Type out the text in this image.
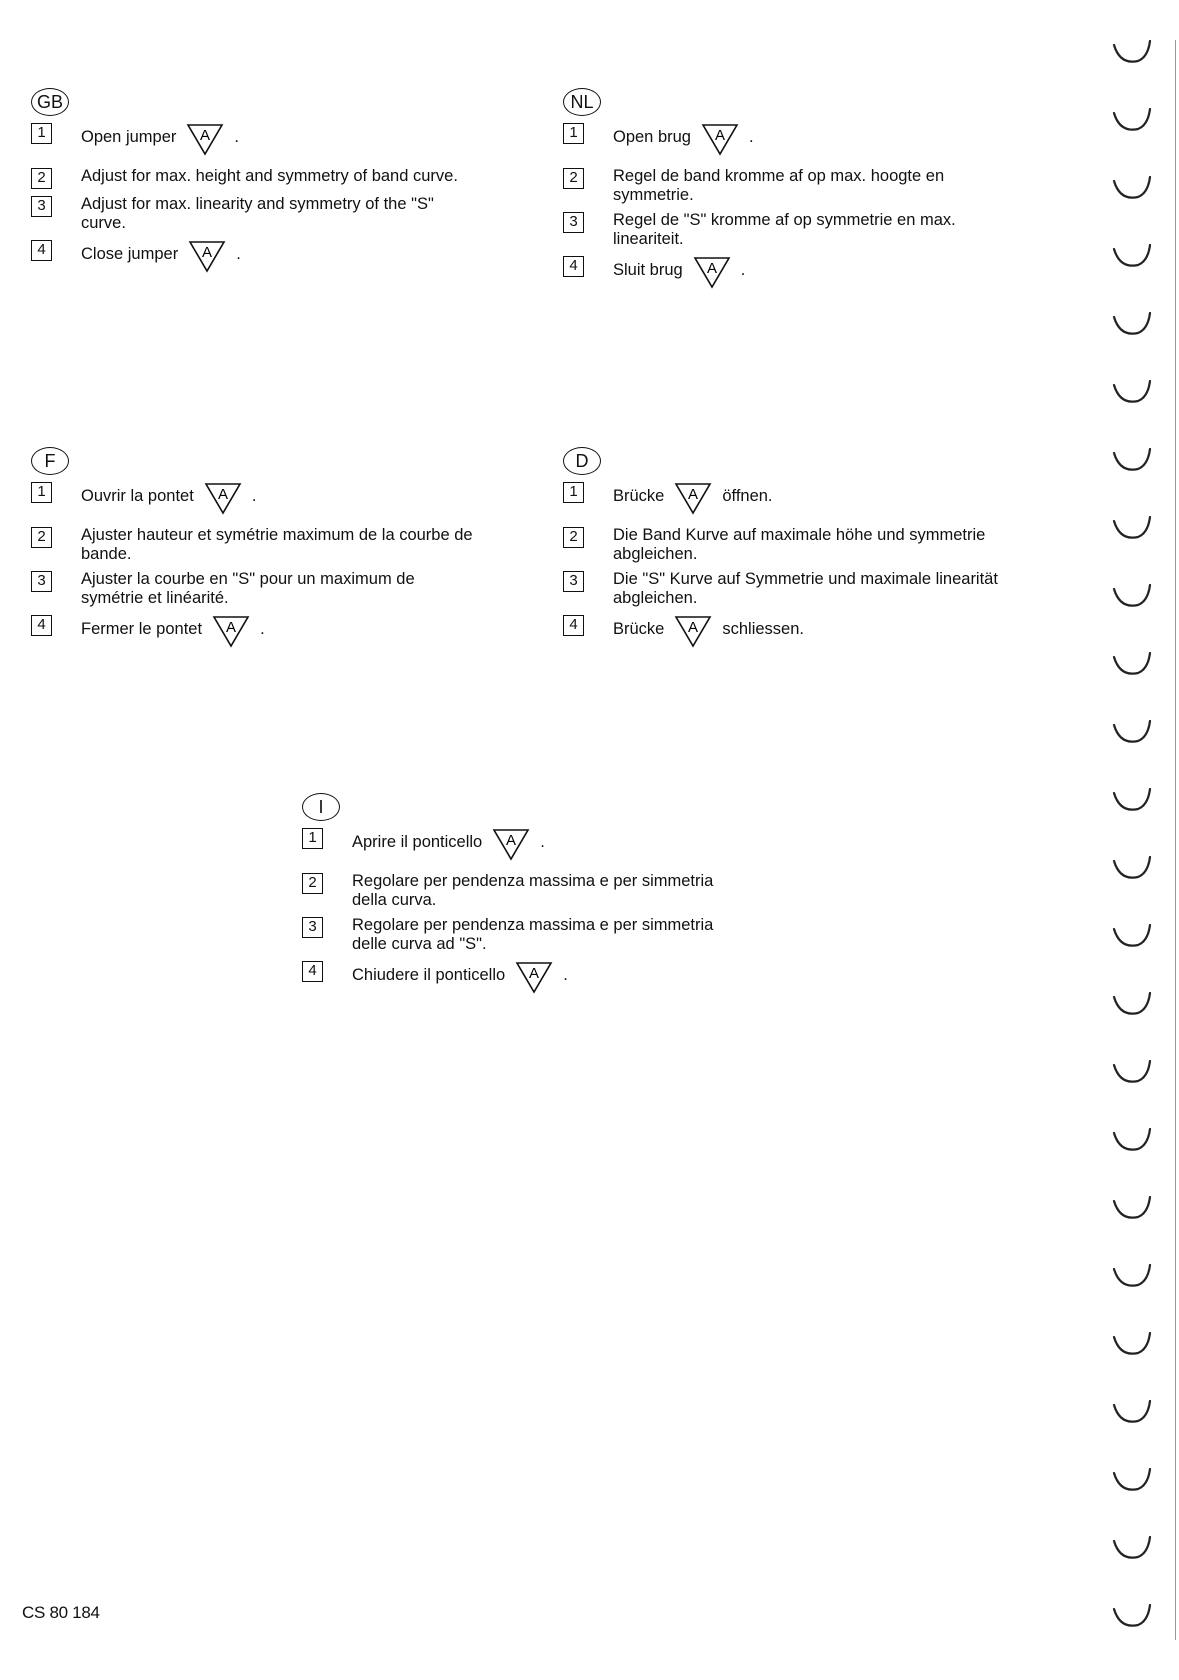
GB
1	Open jumper A .
2	Adjust for max. height and symmetry of band curve.
3	Adjust for max. linearity and symmetry of the "S" curve.
4	Close jumper A .
NL
1	Open brug A .
2	Regel de band kromme af op max. hoogte en symmetrie.
3	Regel de "S" kromme af op symmetrie en max. lineariteit.
4	Sluit brug A .
F
1	Ouvrir la pontet A .
2	Ajuster hauteur et symétrie maximum de la courbe de bande.
3	Ajuster la courbe en "S" pour un maximum de symétrie et linéarité.
4	Fermer le pontet A .
D
1	Brücke A öffnen.
2	Die Band Kurve auf maximale höhe und symmetrie abgleichen.
3	Die "S" Kurve auf Symmetrie und maximale linearität abgleichen.
4	Brücke A schliessen.
I
1	Aprire il ponticello A .
2	Regolare per pendenza massima e per simmetria della curva.
3	Regolare per pendenza massima e per simmetria delle curva ad "S".
4	Chiudere il ponticello A .
CS 80 184
